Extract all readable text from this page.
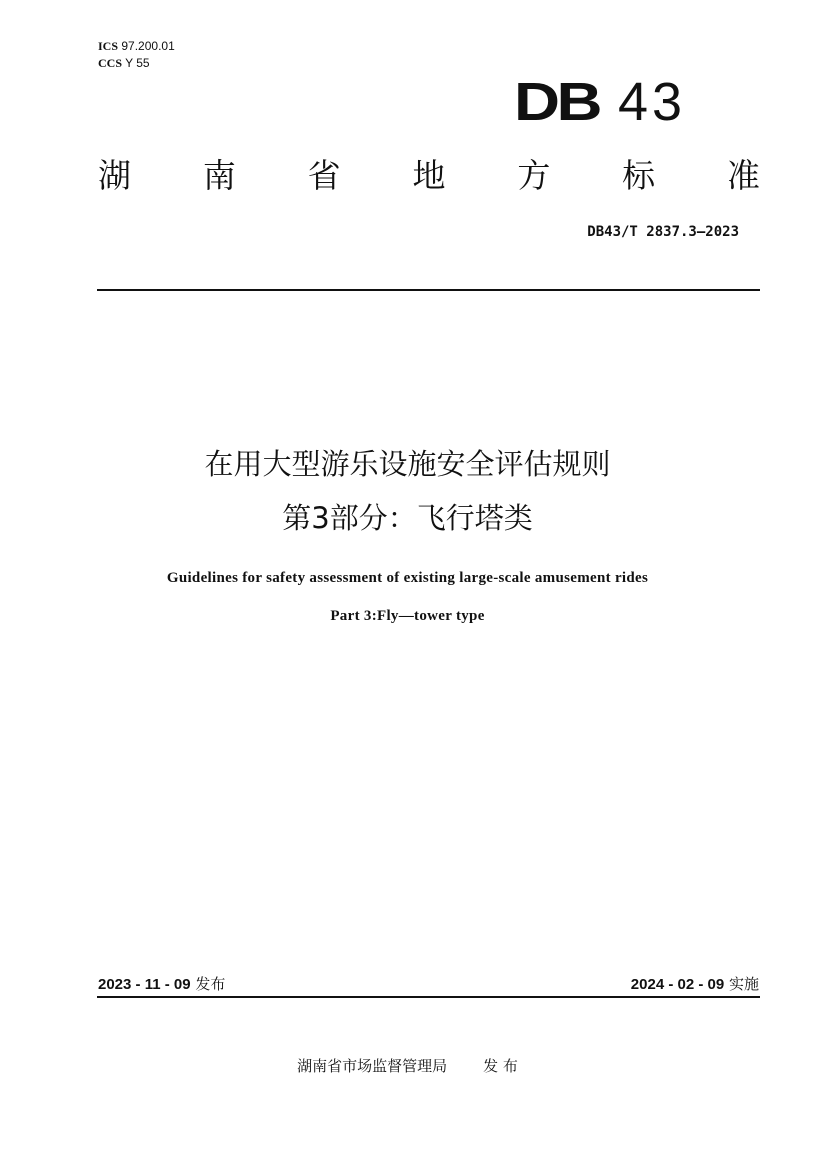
ICS 97.200.01
CCS Y 55
DB 43
湖 南 省 地 方 标 准
DB43/T 2837.3—2023
在用大型游乐设施安全评估规则
第3部分：飞行塔类
Guidelines for safety assessment of existing large-scale amusement rides
Part 3:Fly—tower type
2023 - 11 - 09 发布	2024 - 02 - 09 实施
湖南省市场监督管理局 发 布
